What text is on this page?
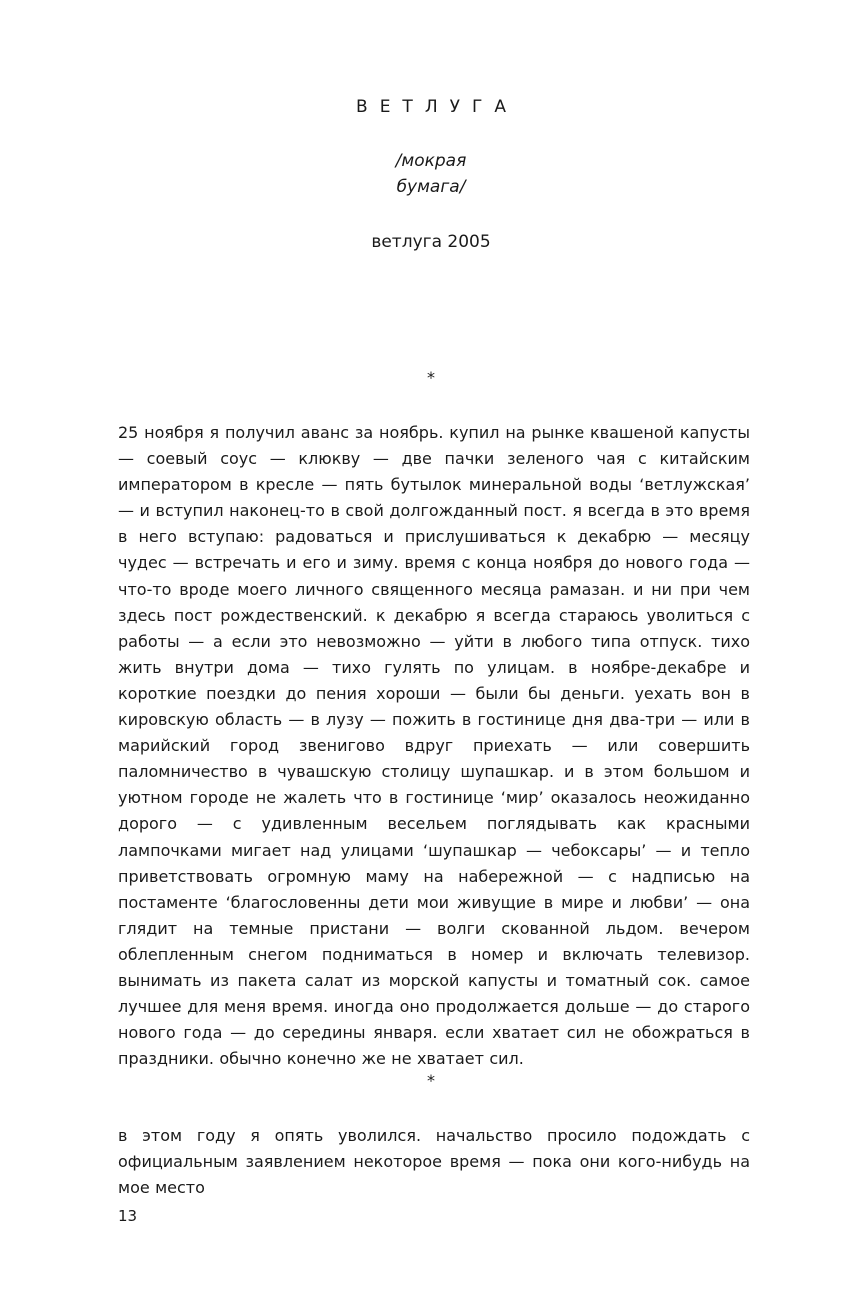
ВЕТЛУГА
/мокрая
бумага/
ветлуга 2005
*
25 ноября я получил аванс за ноябрь. купил на рынке квашеной капусты — соевый соус — клюкву — две пачки зеленого чая с китайским императором в кресле — пять бутылок минеральной воды ‘ветлужская’ — и вступил наконец-то в свой долгожданный пост. я всегда в это время в него вступаю: радоваться и прислушиваться к декабрю — месяцу чудес — встречать и его и зиму. время с конца ноября до нового года — что-то вроде моего личного священного месяца рамазан. и ни при чем здесь пост рождественский. к декабрю я всегда стараюсь уволиться с работы — а если это невозможно — уйти в любого типа отпуск. тихо жить внутри дома — тихо гулять по улицам. в ноябре-декабре и короткие поездки до пения хороши — были бы деньги. уехать вон в кировскую область — в лузу — пожить в гостинице дня два-три — или в марийский город звенигово вдруг приехать — или совершить паломничество в чувашскую столицу шупашкар. и в этом большом и уютном городе не жалеть что в гостинице ‘мир’ оказалось неожиданно дорого — с удивленным весельем поглядывать как красными лампочками мигает над улицами ‘шупашкар — чебоксары’ — и тепло приветствовать огромную маму на набережной — с надписью на постаменте ‘благословенны дети мои живущие в мире и любви’ — она глядит на темные пристани — волги скованной льдом. вечером облепленным снегом подниматься в номер и включать телевизор. вынимать из пакета салат из морской капусты и томатный сок. самое лучшее для меня время. иногда оно продолжается дольше — до старого нового года — до середины января. если хватает сил не обожраться в праздники. обычно конечно же не хватает сил.
*
в этом году я опять уволился. начальство просило подождать с официальным заявлением некоторое время — пока они кого-нибудь на мое место
13
